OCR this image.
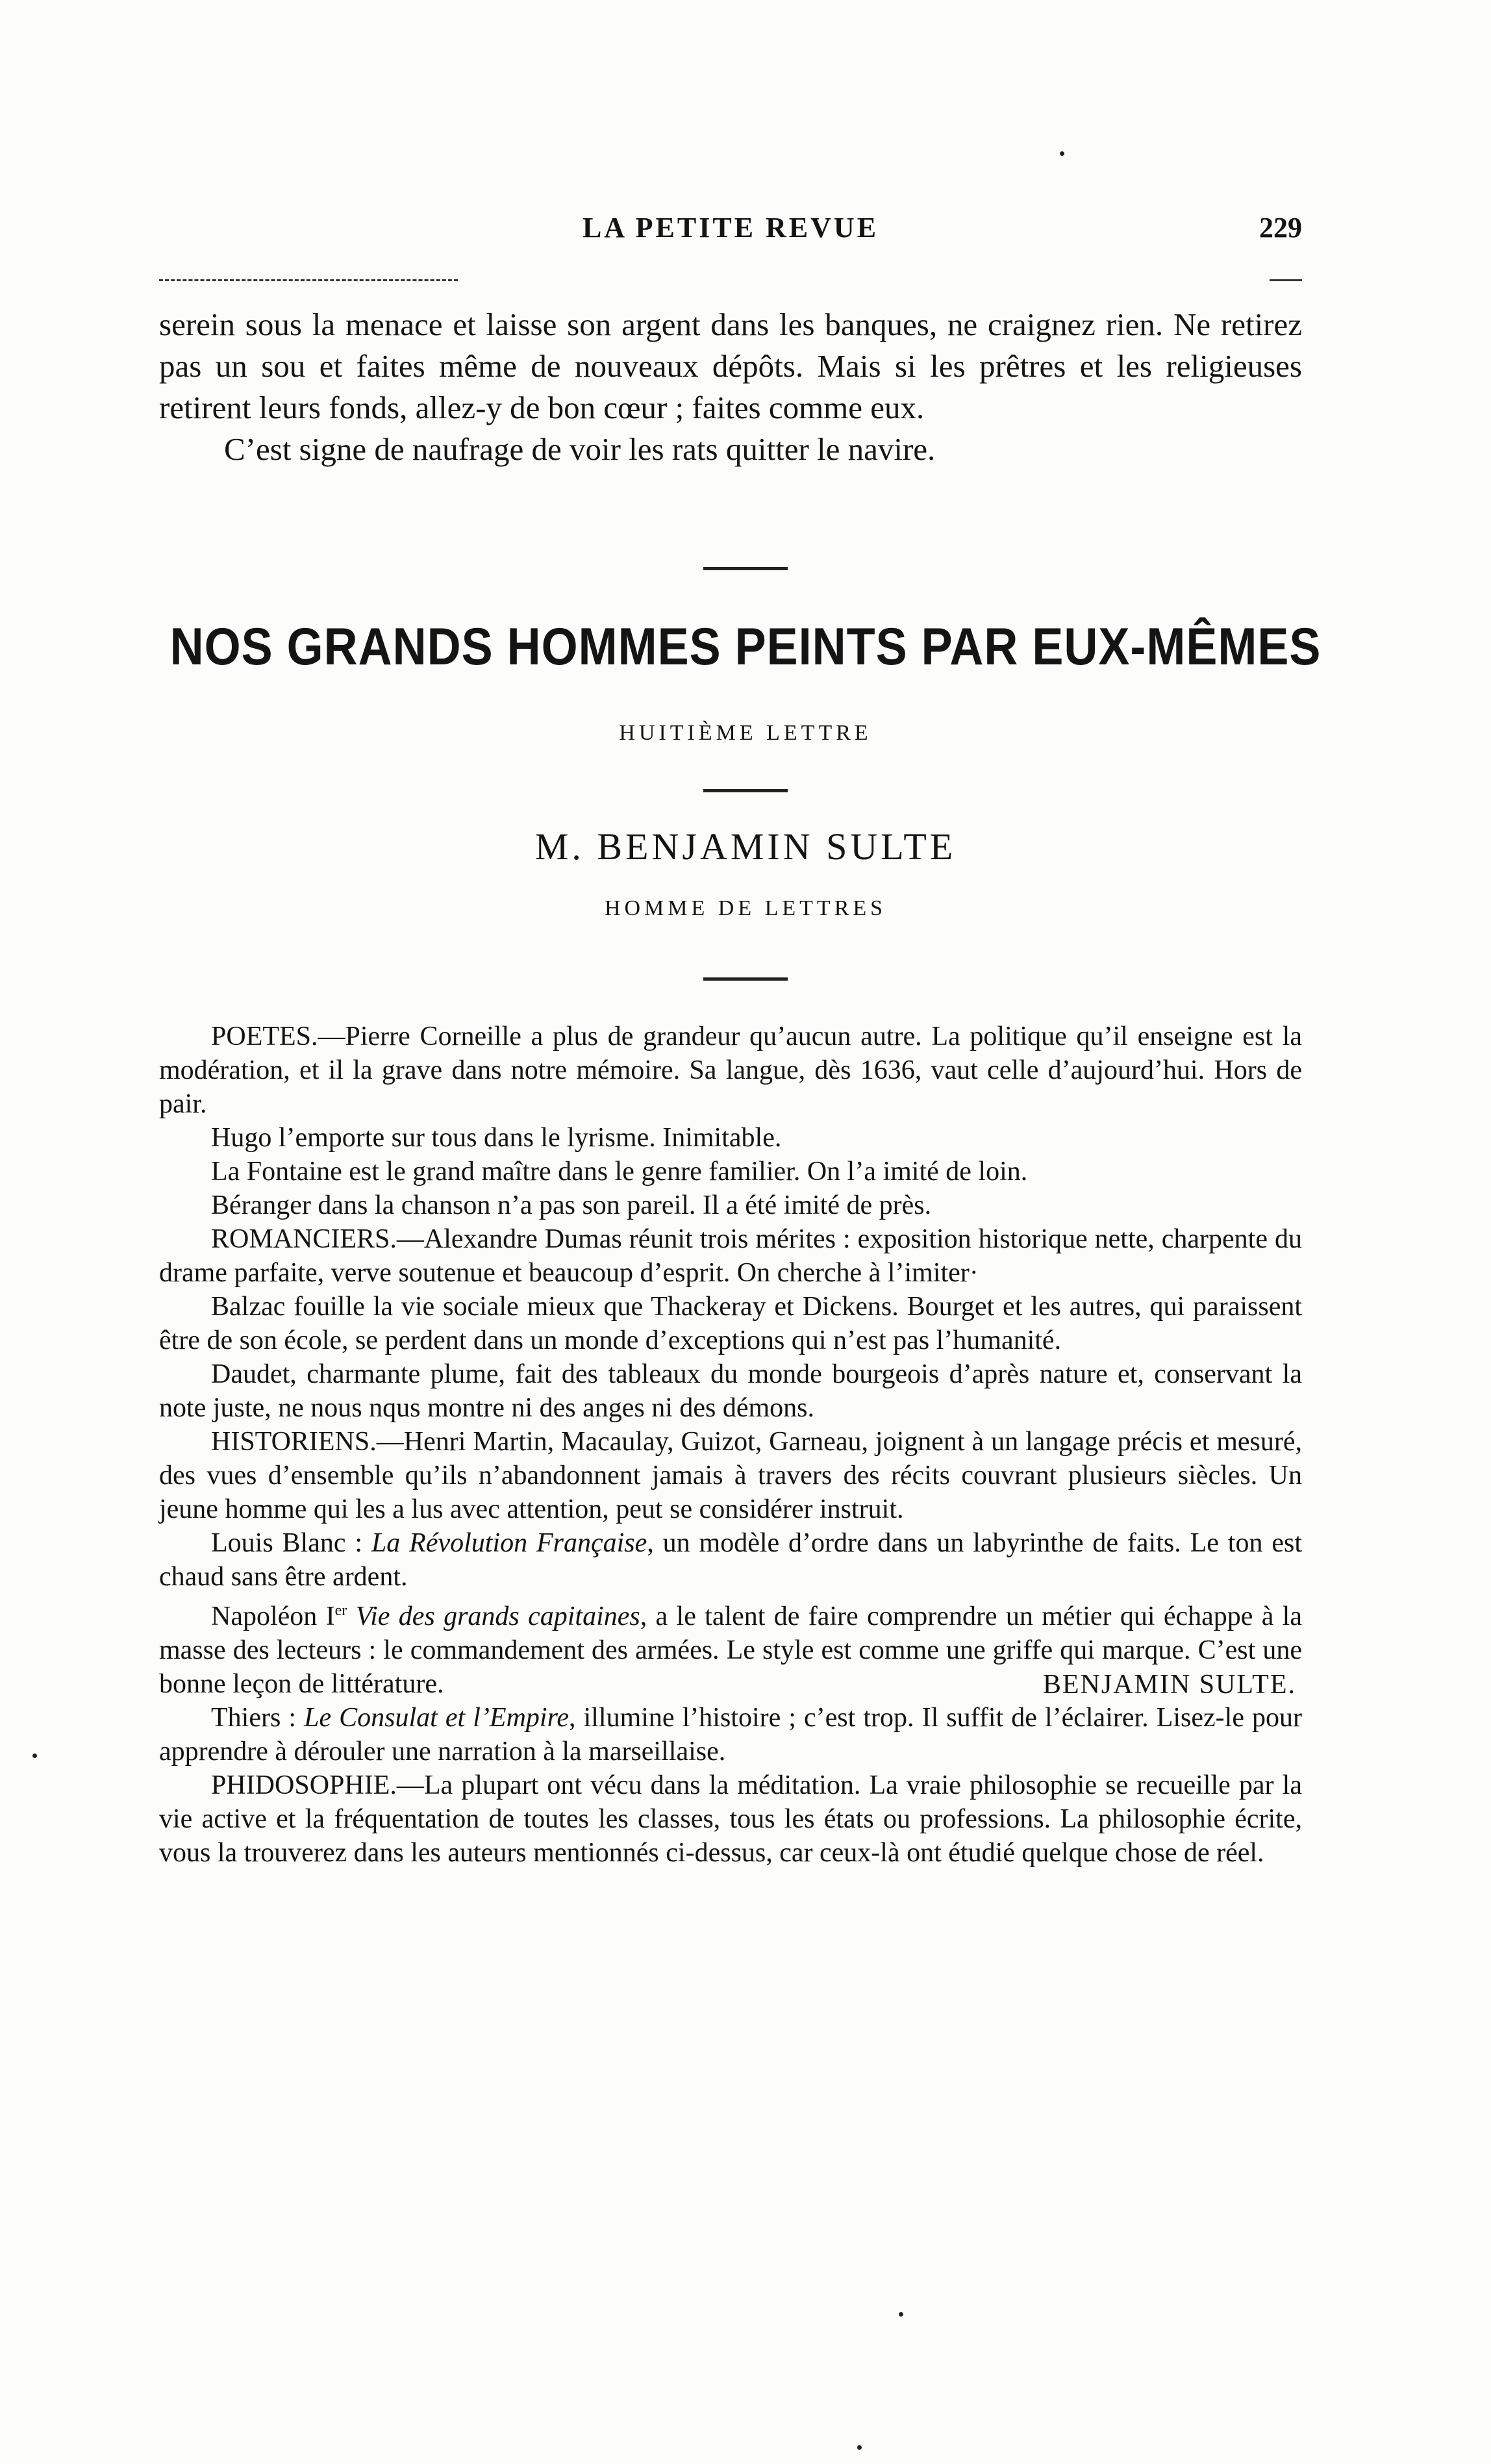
LA PETITE REVUE	229

serein sous la menace et laisse son argent dans les banques, ne craignez rien. Ne retirez pas un sou et faites même de nouveaux dépôts. Mais si les prêtres et les religieuses retirent leurs fonds, allez-y de bon cœur ; faites comme eux.

C’est signe de naufrage de voir les rats quitter le navire.

NOS GRANDS HOMMES PEINTS PAR EUX-MÊMES
HUITIÈME LETTRE
M. BENJAMIN SULTE
HOMME DE LETTRES

POETES.—Pierre Corneille a plus de grandeur qu’aucun autre. La politique qu’il enseigne est la modération, et il la grave dans notre mémoire. Sa langue, dès 1636, vaut celle d’aujourd’hui. Hors de pair.

Hugo l’emporte sur tous dans le lyrisme. Inimitable.

La Fontaine est le grand maître dans le genre familier. On l’a imité de loin.

Béranger dans la chanson n’a pas son pareil. Il a été imité de près.

ROMANCIERS.—Alexandre Dumas réunit trois mérites : exposition historique nette, charpente du drame parfaite, verve soutenue et beaucoup d’esprit. On cherche à l’imiter·

Balzac fouille la vie sociale mieux que Thackeray et Dickens. Bourget et les autres, qui paraissent être de son école, se perdent dans un monde d’exceptions qui n’est pas l’humanité.

Daudet, charmante plume, fait des tableaux du monde bourgeois d’après nature et, conservant la note juste, ne nous nqus montre ni des anges ni des démons.

HISTORIENS.—Henri Martin, Macaulay, Guizot, Garneau, joignent à un langage précis et mesuré, des vues d’ensemble qu’ils n’abandonnent jamais à travers des récits couvrant plusieurs siècles. Un jeune homme qui les a lus avec attention, peut se considérer instruit.

Louis Blanc : La Révolution Française, un modèle d’ordre dans un labyrinthe de faits. Le ton est chaud sans être ardent.

Napoléon Ier Vie des grands capitaines, a le talent de faire comprendre un métier qui échappe à la masse des lecteurs : le commandement des armées. Le style est comme une griffe qui marque. C’est une bonne leçon de littérature.

Thiers : Le Consulat et l’Empire, illumine l’histoire ; c’est trop. Il suffit de l’éclairer. Lisez-le pour apprendre à dérouler une narration à la marseillaise.

PHIDOSOPHIE.—La plupart ont vécu dans la méditation. La vraie philosophie se recueille par la vie active et la fréquentation de toutes les classes, tous les états ou professions. La philosophie écrite, vous la trouverez dans les auteurs mentionnés ci-dessus, car ceux-là ont étudié quelque chose de réel.

BENJAMIN SULTE.
